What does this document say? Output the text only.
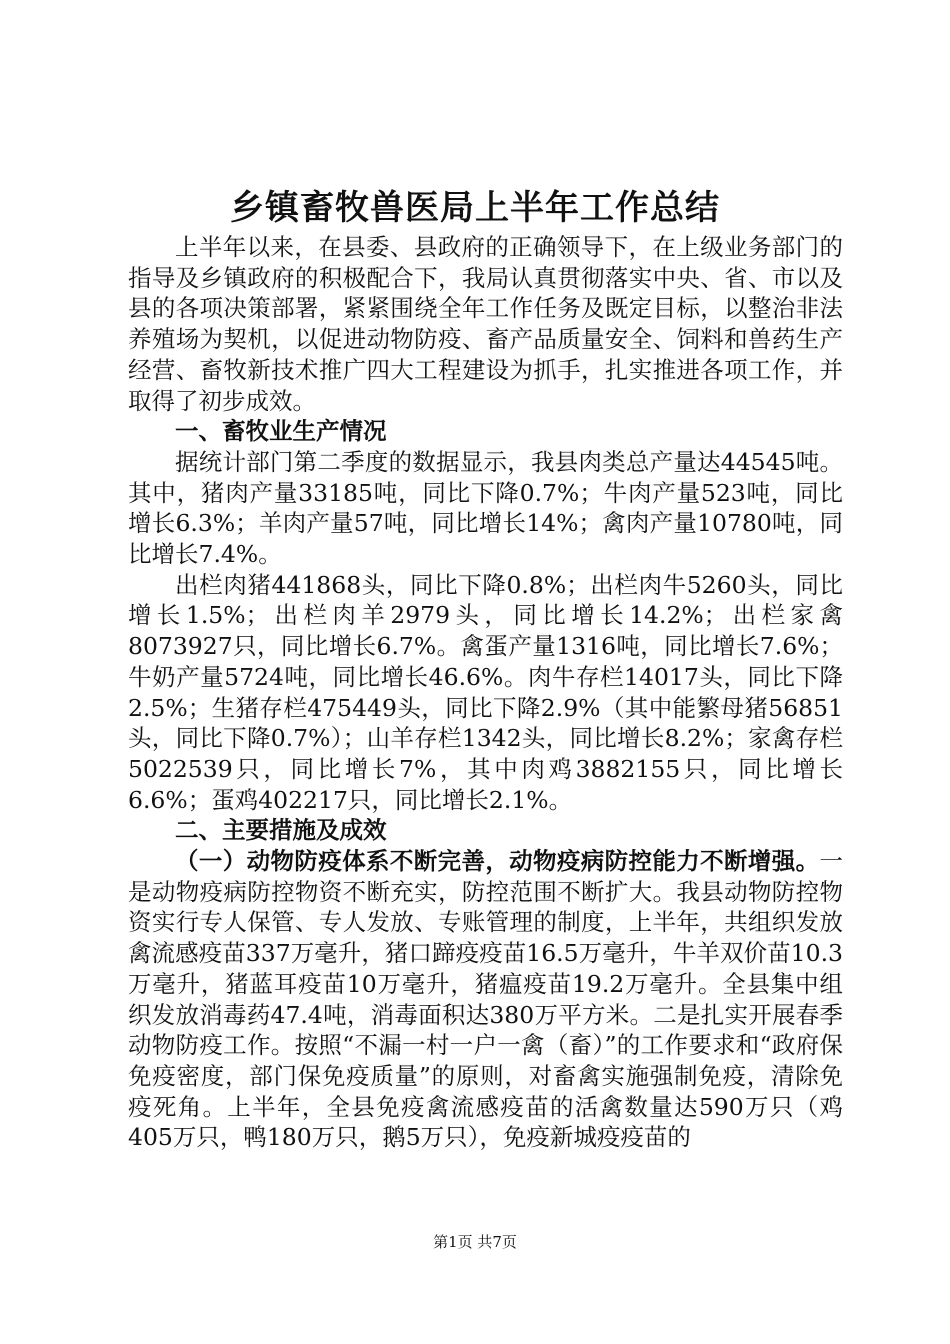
乡镇畜牧兽医局上半年工作总结

上半年以来，在县委、县政府的正确领导下，在上级业务部门的指导及乡镇政府的积极配合下，我局认真贯彻落实中央、省、市以及县的各项决策部署，紧紧围绕全年工作任务及既定目标，以整治非法养殖场为契机，以促进动物防疫、畜产品质量安全、饲料和兽药生产经营、畜牧新技术推广四大工程建设为抓手，扎实推进各项工作，并取得了初步成效。

一、畜牧业生产情况

据统计部门第二季度的数据显示，我县肉类总产量达44545吨。其中，猪肉产量33185吨，同比下降0.7%；牛肉产量523吨，同比增长6.3%；羊肉产量57吨，同比增长14%；禽肉产量10780吨，同比增长7.4%。

出栏肉猪441868头，同比下降0.8%；出栏肉牛5260头，同比增长1.5%；出栏肉羊2979头，同比增长14.2%；出栏家禽8073927只，同比增长6.7%。禽蛋产量1316吨，同比增长7.6%；牛奶产量5724吨，同比增长46.6%。肉牛存栏14017头，同比下降2.5%；生猪存栏475449头，同比下降2.9%（其中能繁母猪56851头，同比下降0.7%）；山羊存栏1342头，同比增长8.2%；家禽存栏5022539只，同比增长7%，其中肉鸡3882155只，同比增长6.6%；蛋鸡402217只，同比增长2.1%。

二、主要措施及成效

（一）动物防疫体系不断完善，动物疫病防控能力不断增强。一是动物疫病防控物资不断充实，防控范围不断扩大。我县动物防控物资实行专人保管、专人发放、专账管理的制度，上半年，共组织发放禽流感疫苗337万毫升，猪口蹄疫疫苗16.5万毫升，牛羊双价苗10.3万毫升，猪蓝耳疫苗10万毫升，猪瘟疫苗19.2万毫升。全县集中组织发放消毒药47.4吨，消毒面积达380万平方米。二是扎实开展春季动物防疫工作。按照“不漏一村一户一禽（畜）”的工作要求和“政府保免疫密度，部门保免疫质量”的原则，对畜禽实施强制免疫，清除免疫死角。上半年，全县免疫禽流感疫苗的活禽数量达590万只（鸡405万只，鸭180万只，鹅5万只），免疫新城疫疫苗的

第1页 共7页
